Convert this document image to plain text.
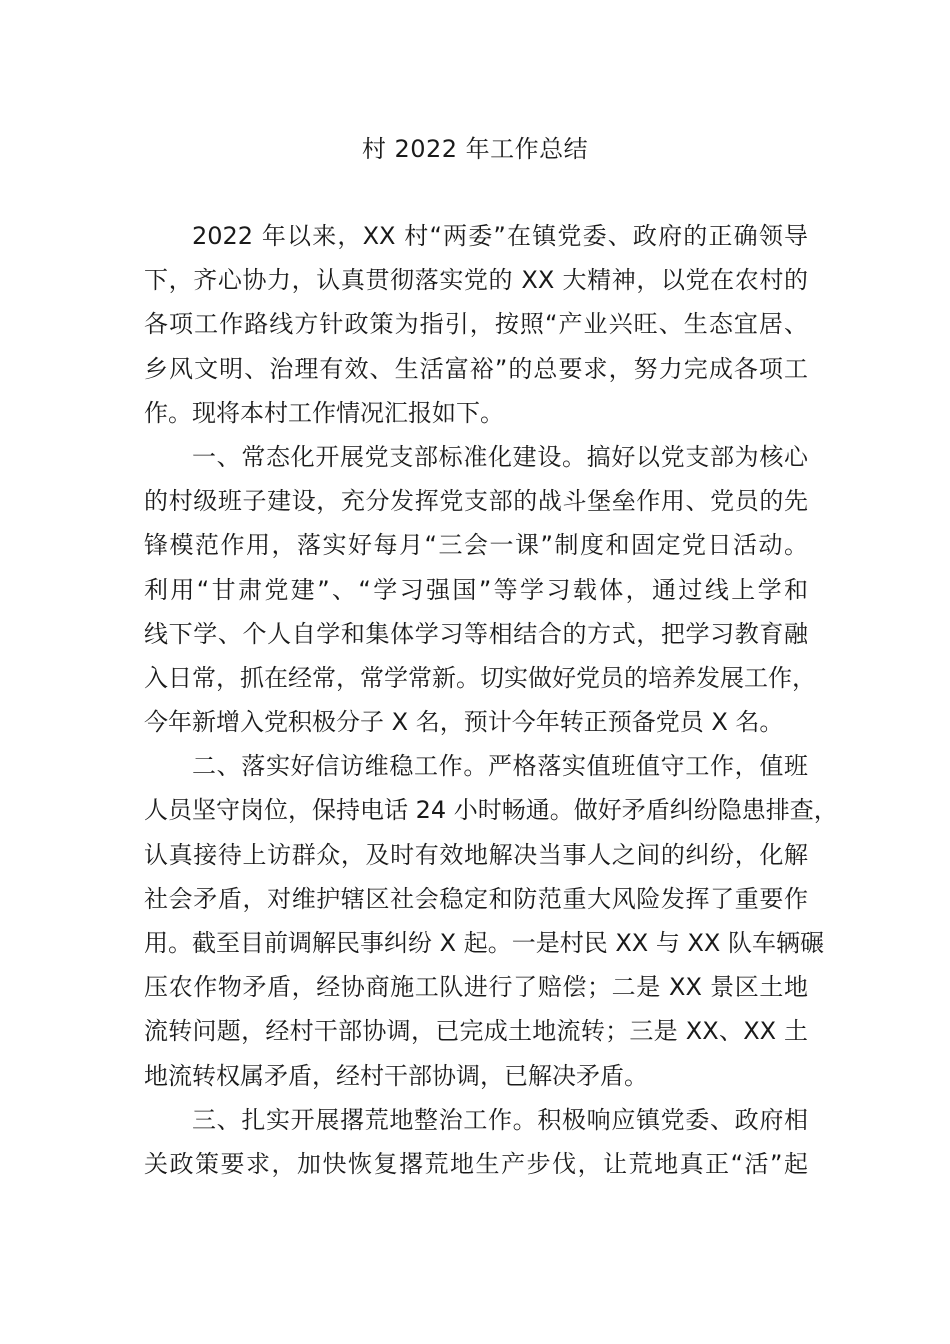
村 2022 年工作总结
2022 年以来，XX 村“两委”在镇党委、政府的正确领导
下，齐心协力，认真贯彻落实党的 XX 大精神，以党在农村的
各项工作路线方针政策为指引，按照“产业兴旺、生态宜居、
乡风文明、治理有效、生活富裕”的总要求，努力完成各项工
作。现将本村工作情况汇报如下。
一、常态化开展党支部标准化建设。搞好以党支部为核心
的村级班子建设，充分发挥党支部的战斗堡垒作用、党员的先
锋模范作用，落实好每月“三会一课”制度和固定党日活动。
利用“甘肃党建”、“学习强国”等学习载体，通过线上学和
线下学、个人自学和集体学习等相结合的方式，把学习教育融
入日常，抓在经常，常学常新。切实做好党员的培养发展工作，
今年新增入党积极分子 X 名，预计今年转正预备党员 X 名。
二、落实好信访维稳工作。严格落实值班值守工作，值班
人员坚守岗位，保持电话 24 小时畅通。做好矛盾纠纷隐患排查，
认真接待上访群众，及时有效地解决当事人之间的纠纷，化解
社会矛盾，对维护辖区社会稳定和防范重大风险发挥了重要作
用。截至目前调解民事纠纷 X 起。一是村民 XX 与 XX 队车辆碾
压农作物矛盾，经协商施工队进行了赔偿；二是 XX 景区土地
流转问题，经村干部协调，已完成土地流转；三是 XX、XX 土
地流转权属矛盾，经村干部协调，已解决矛盾。
三、扎实开展撂荒地整治工作。积极响应镇党委、政府相
关政策要求，加快恢复撂荒地生产步伐，让荒地真正“活”起
